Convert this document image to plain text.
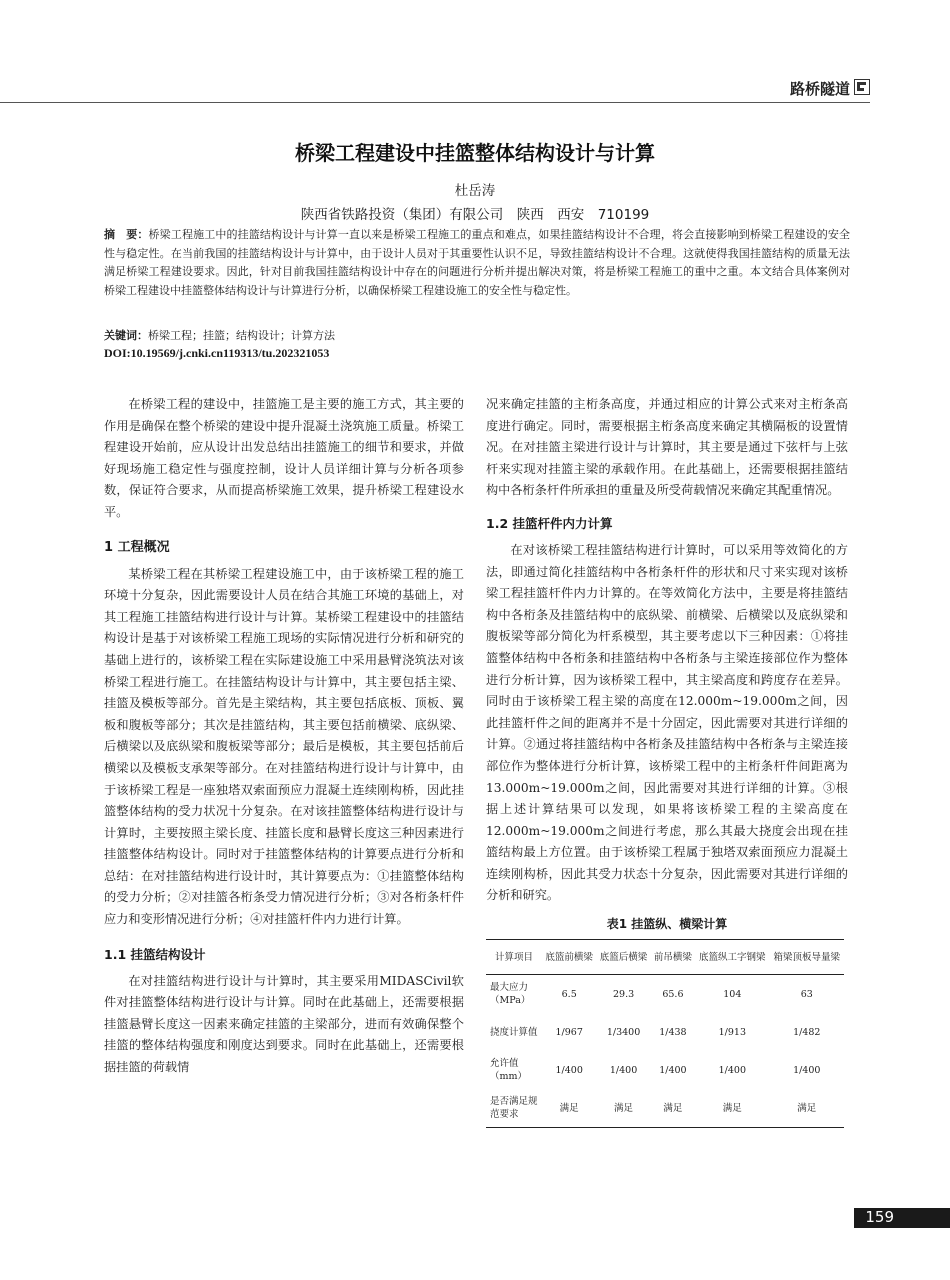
路桥隧道
桥梁工程建设中挂篮整体结构设计与计算
杜岳涛
陕西省铁路投资（集团）有限公司　陕西　西安　710199
摘　要：桥梁工程施工中的挂篮结构设计与计算一直以来是桥梁工程施工的重点和难点，如果挂篮结构设计不合理，将会直接影响到桥梁工程建设的安全性与稳定性。在当前我国的挂篮结构设计与计算中，由于设计人员对于其重要性认识不足，导致挂篮结构设计不合理。这就使得我国挂篮结构的质量无法满足桥梁工程建设要求。因此，针对目前我国挂篮结构设计中存在的问题进行分析并提出解决对策，将是桥梁工程施工的重中之重。本文结合具体案例对桥梁工程建设中挂篮整体结构设计与计算进行分析，以确保桥梁工程建设施工的安全性与稳定性。
关键词：桥梁工程；挂篮；结构设计；计算方法
DOI:10.19569/j.cnki.cn119313/tu.202321053

在桥梁工程的建设中，挂篮施工是主要的施工方式，其主要的作用是确保在整个桥梁的建设中提升混凝土浇筑施工质量。桥梁工程建设开始前，应从设计出发总结出挂篮施工的细节和要求，并做好现场施工稳定性与强度控制，设计人员详细计算与分析各项参数，保证符合要求，从而提高桥梁施工效果，提升桥梁工程建设水平。

1 工程概况

某桥梁工程在其桥梁工程建设施工中，由于该桥梁工程的施工环境十分复杂，因此需要设计人员在结合其施工环境的基础上，对其工程施工挂篮结构进行设计与计算。某桥梁工程建设中的挂篮结构设计是基于对该桥梁工程施工现场的实际情况进行分析和研究的基础上进行的，该桥梁工程在实际建设施工中采用悬臂浇筑法对该桥梁工程进行施工。在挂篮结构设计与计算中，其主要包括主梁、挂篮及模板等部分。首先是主梁结构，其主要包括底板、顶板、翼板和腹板等部分；其次是挂篮结构，其主要包括前横梁、底纵梁、后横梁以及底纵梁和腹板梁等部分；最后是模板，其主要包括前后横梁以及模板支承架等部分。在对挂篮结构进行设计与计算中，由于该桥梁工程是一座独塔双索面预应力混凝土连续刚构桥，因此挂篮整体结构的受力状况十分复杂。在对该挂篮整体结构进行设计与计算时，主要按照主梁长度、挂篮长度和悬臂长度这三种因素进行挂篮整体结构设计。同时对于挂篮整体结构的计算要点进行分析和总结：在对挂篮结构进行设计时，其计算要点为：①挂篮整体结构的受力分析；②对挂篮各桁条受力情况进行分析；③对各桁条杆件应力和变形情况进行分析；④对挂篮杆件内力进行计算。

1.1 挂篮结构设计

在对挂篮结构进行设计与计算时，其主要采用MIDASCivil软件对挂篮整体结构进行设计与计算。同时在此基础上，还需要根据挂篮悬臂长度这一因素来确定挂篮的主梁部分，进而有效确保整个挂篮的整体结构强度和刚度达到要求。同时在此基础上，还需要根据挂篮的荷载情

况来确定挂篮的主桁条高度，并通过相应的计算公式来对主桁条高度进行确定。同时，需要根据主桁条高度来确定其横隔板的设置情况。在对挂篮主梁进行设计与计算时，其主要是通过下弦杆与上弦杆来实现对挂篮主梁的承载作用。在此基础上，还需要根据挂篮结构中各桁条杆件所承担的重量及所受荷载情况来确定其配重情况。

1.2 挂篮杆件内力计算

在对该桥梁工程挂篮结构进行计算时，可以采用等效简化的方法，即通过简化挂篮结构中各桁条杆件的形状和尺寸来实现对该桥梁工程挂篮杆件内力计算的。在等效简化方法中，主要是将挂篮结构中各桁条及挂篮结构中的底纵梁、前横梁、后横梁以及底纵梁和腹板梁等部分简化为杆系模型，其主要考虑以下三种因素：①将挂篮整体结构中各桁条和挂篮结构中各桁条与主梁连接部位作为整体进行分析计算，因为该桥梁工程中，其主梁高度和跨度存在差异。同时由于该桥梁工程主梁的高度在12.000m~19.000m之间，因此挂篮杆件之间的距离并不是十分固定，因此需要对其进行详细的计算。②通过将挂篮结构中各桁条及挂篮结构中各桁条与主梁连接部位作为整体进行分析计算，该桥梁工程中的主桁条杆件间距离为13.000m~19.000m之间，因此需要对其进行详细的计算。③根据上述计算结果可以发现，如果将该桥梁工程的主梁高度在12.000m~19.000m之间进行考虑，那么其最大挠度会出现在挂篮结构最上方位置。由于该桥梁工程属于独塔双索面预应力混凝土连续刚构桥，因此其受力状态十分复杂，因此需要对其进行详细的分析和研究。

表1 挂篮纵、横梁计算
计算项目	底篮前横梁	底篮后横梁	前吊横梁	底篮纵工字钢梁	箱梁顶板导量梁
最大应力（MPa）	6.5	29.3	65.6	104	63
挠度计算值	1/967	1/3400	1/438	1/913	1/482
允许值（mm）	1/400	1/400	1/400	1/400	1/400
是否满足规范要求	满足	满足	满足	满足	满足
159
